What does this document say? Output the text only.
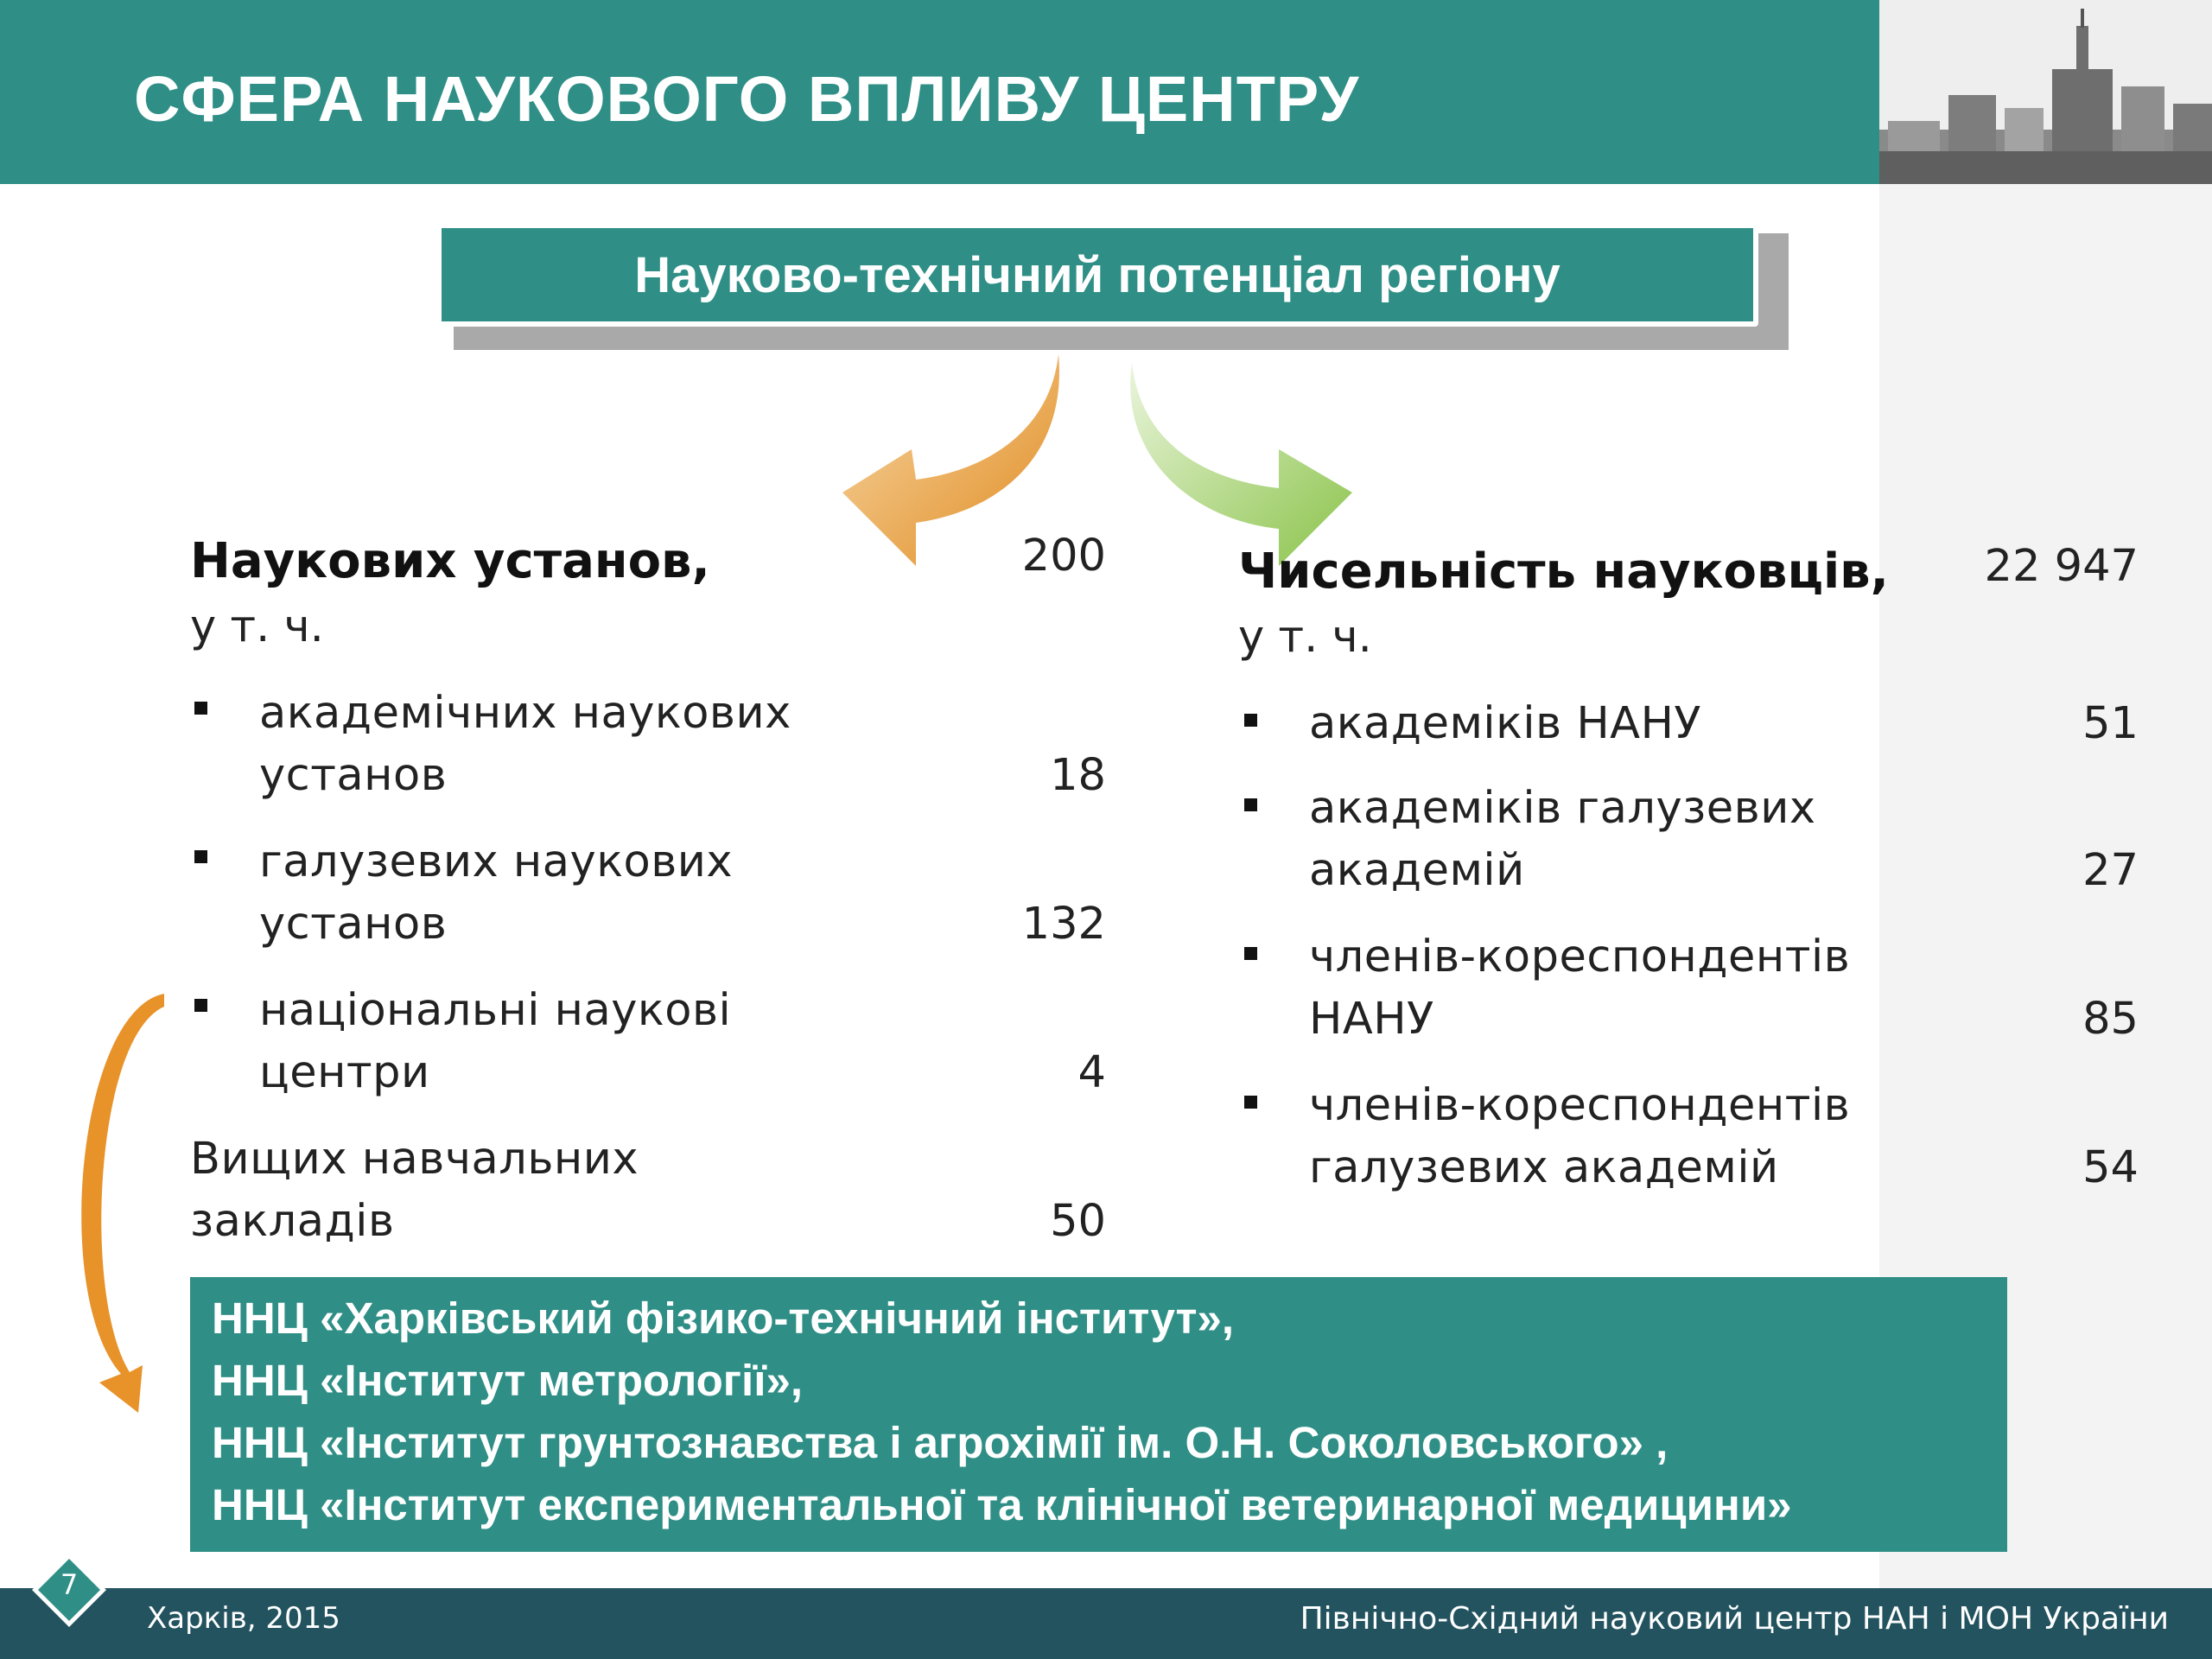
СФЕРА НАУКОВОГО ВПЛИВУ ЦЕНТРУ
Науково-технічний потенціал регіону
Наукових установ,	200
у т. ч.
академічних наукових
установ	18
галузевих наукових
установ	132
національні наукові
центри	4
Вищих навчальних
закладів	50
Чисельність науковців,	22 947
у т. ч.
академіків НАНУ	51
академіків галузевих
академій	27
членів-кореспондентів
НАНУ	85
членів-кореспондентів
галузевих академій	54
ННЦ «Харківський фізико-технічний інститут»,
ННЦ «Інститут метрології»,
ННЦ «Інститут грунтознавства і агрохімії ім. О.Н. Соколовського» ,
ННЦ «Інститут експериментальної та клінічної ветеринарної медицини»
Харків, 2015	Північно-Східний науковий центр НАН і МОН України
7
